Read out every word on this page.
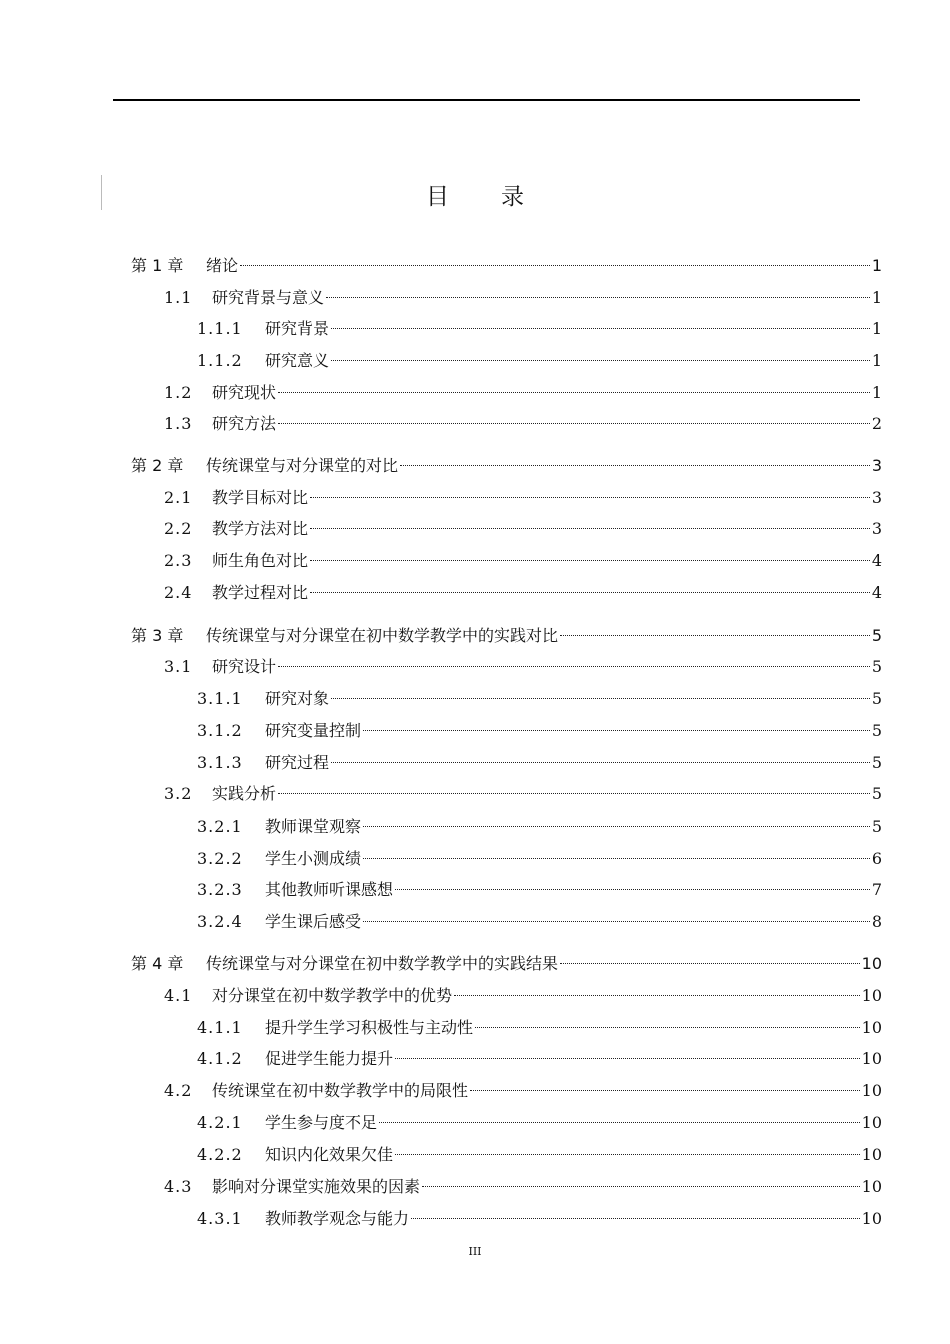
目 录
第 1 章	绪论	1
1.1	研究背景与意义	1
1.1.1	研究背景	1
1.1.2	研究意义	1
1.2	研究现状	1
1.3	研究方法	2
第 2 章	传统课堂与对分课堂的对比	3
2.1	教学目标对比	3
2.2	教学方法对比	3
2.3	师生角色对比	4
2.4	教学过程对比	4
第 3 章	传统课堂与对分课堂在初中数学教学中的实践对比	5
3.1	研究设计	5
3.1.1	研究对象	5
3.1.2	研究变量控制	5
3.1.3	研究过程	5
3.2	实践分析	5
3.2.1	教师课堂观察	5
3.2.2	学生小测成绩	6
3.2.3	其他教师听课感想	7
3.2.4	学生课后感受	8
第 4 章	传统课堂与对分课堂在初中数学教学中的实践结果	10
4.1	对分课堂在初中数学教学中的优势	10
4.1.1	提升学生学习积极性与主动性	10
4.1.2	促进学生能力提升	10
4.2	传统课堂在初中数学教学中的局限性	10
4.2.1	学生参与度不足	10
4.2.2	知识内化效果欠佳	10
4.3	影响对分课堂实施效果的因素	10
4.3.1	教师教学观念与能力	10
III
